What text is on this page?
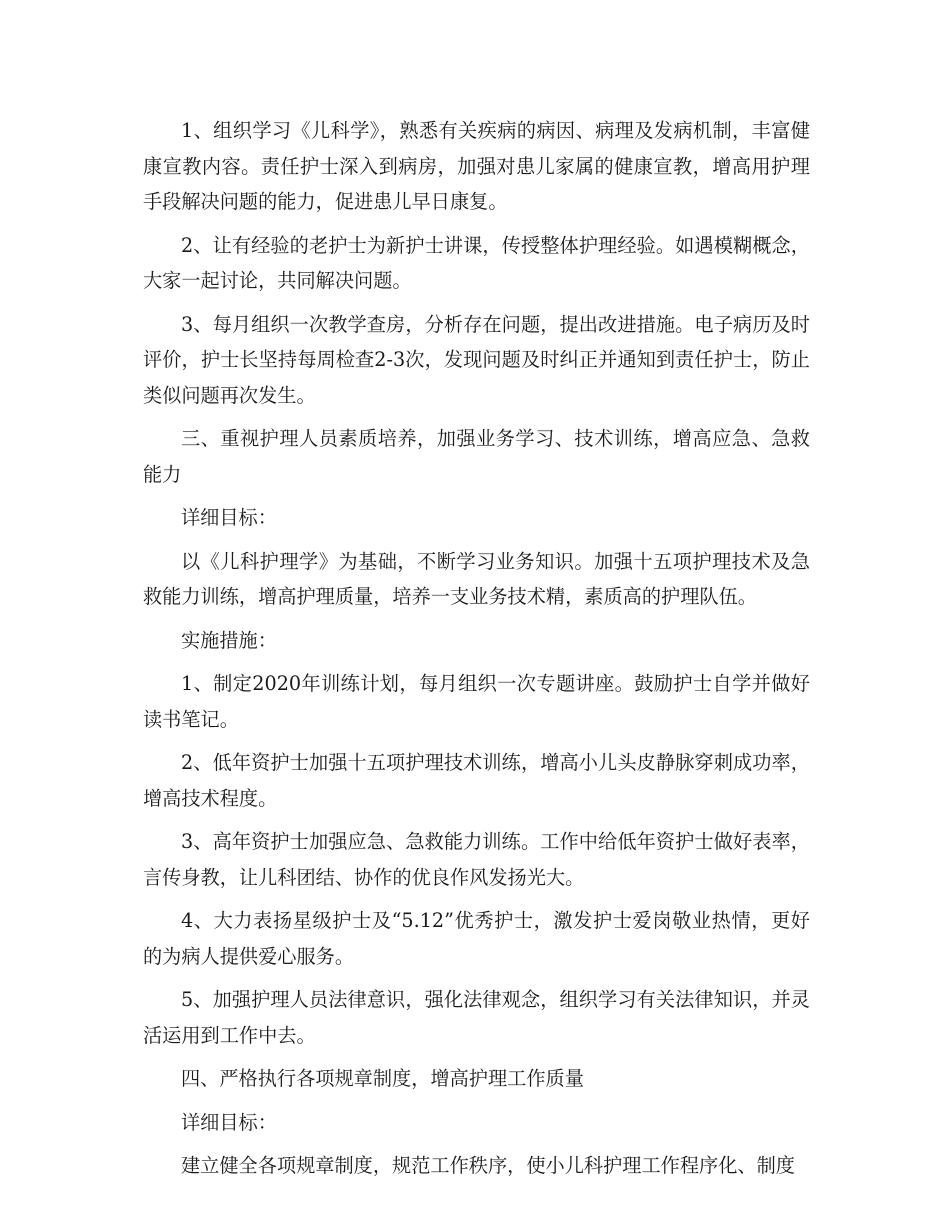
1、组织学习《儿科学》，熟悉有关疾病的病因、病理及发病机制，丰富健康宣教内容。责任护士深入到病房，加强对患儿家属的健康宣教，增高用护理手段解决问题的能力，促进患儿早日康复。

2、让有经验的老护士为新护士讲课，传授整体护理经验。如遇模糊概念，大家一起讨论，共同解决问题。

3、每月组织一次教学查房，分析存在问题，提出改进措施。电子病历及时评价，护士长坚持每周检查2-3次，发现问题及时纠正并通知到责任护士，防止类似问题再次发生。

三、重视护理人员素质培养，加强业务学习、技术训练，增高应急、急救能力

详细目标：

以《儿科护理学》为基础，不断学习业务知识。加强十五项护理技术及急救能力训练，增高护理质量，培养一支业务技术精，素质高的护理队伍。

实施措施：

1、制定2020年训练计划，每月组织一次专题讲座。鼓励护士自学并做好读书笔记。

2、低年资护士加强十五项护理技术训练，增高小儿头皮静脉穿刺成功率，增高技术程度。

3、高年资护士加强应急、急救能力训练。工作中给低年资护士做好表率，言传身教，让儿科团结、协作的优良作风发扬光大。

4、大力表扬星级护士及“5.12”优秀护士，激发护士爱岗敬业热情，更好的为病人提供爱心服务。

5、加强护理人员法律意识，强化法律观念，组织学习有关法律知识，并灵活运用到工作中去。

四、严格执行各项规章制度，增高护理工作质量

详细目标：

建立健全各项规章制度，规范工作秩序，使小儿科护理工作程序化、制度
